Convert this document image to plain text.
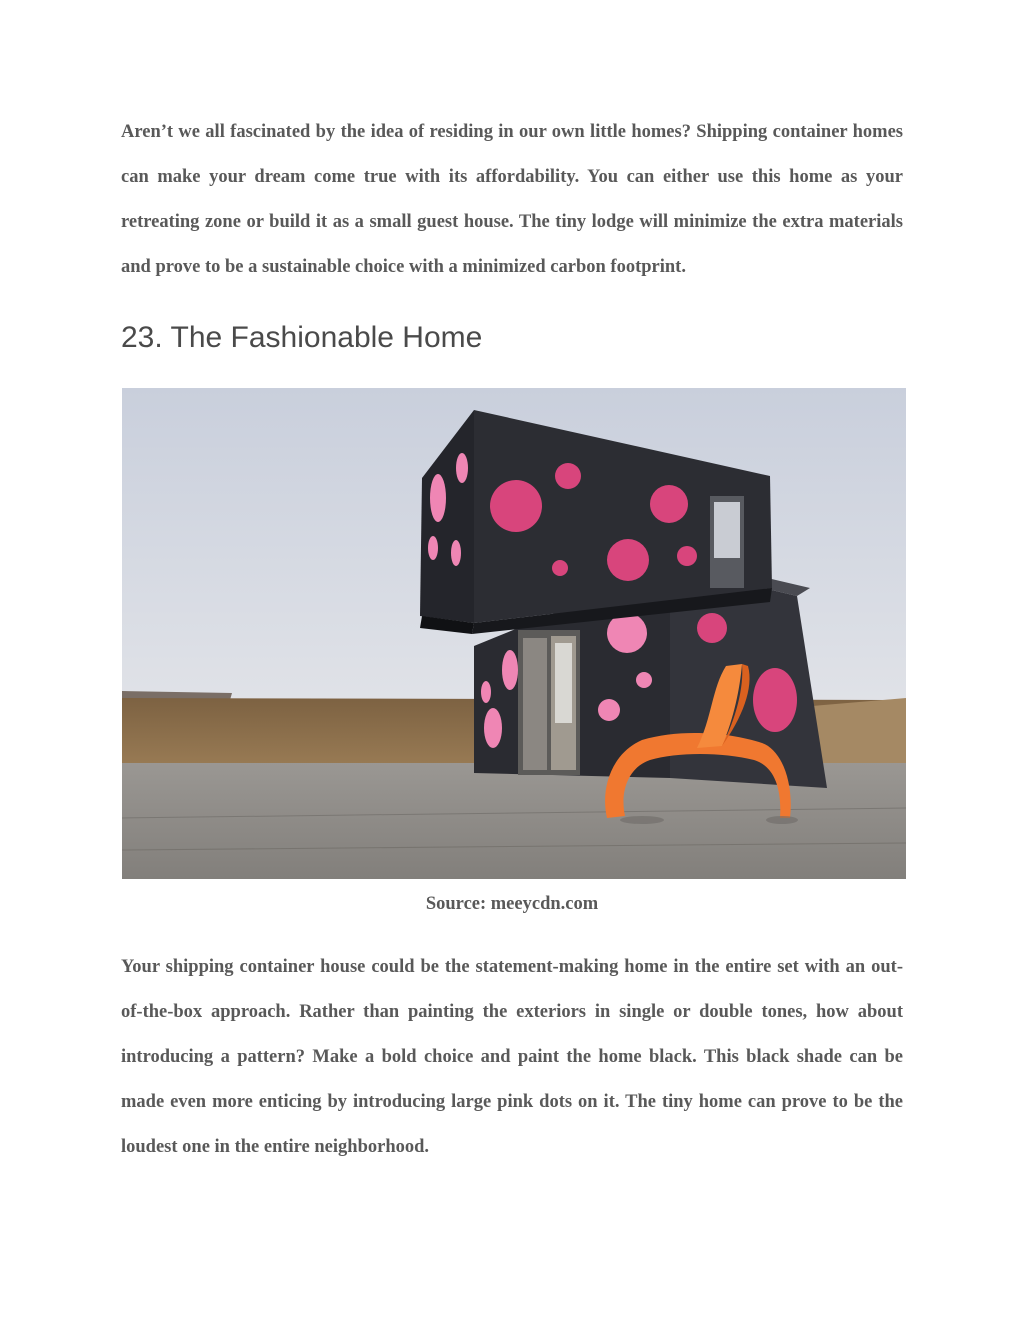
Aren’t we all fascinated by the idea of residing in our own little homes? Shipping container homes can make your dream come true with its affordability. You can either use this home as your retreating zone or build it as a small guest house. The tiny lodge will minimize the extra materials and prove to be a sustainable choice with a minimized carbon footprint.

23. The Fashionable Home

Source: meeycdn.com

Your shipping container house could be the statement-making home in the entire set with an out-of-the-box approach. Rather than painting the exteriors in single or double tones, how about introducing a pattern? Make a bold choice and paint the home black. This black shade can be made even more enticing by introducing large pink dots on it. The tiny home can prove to be the loudest one in the entire neighborhood.
